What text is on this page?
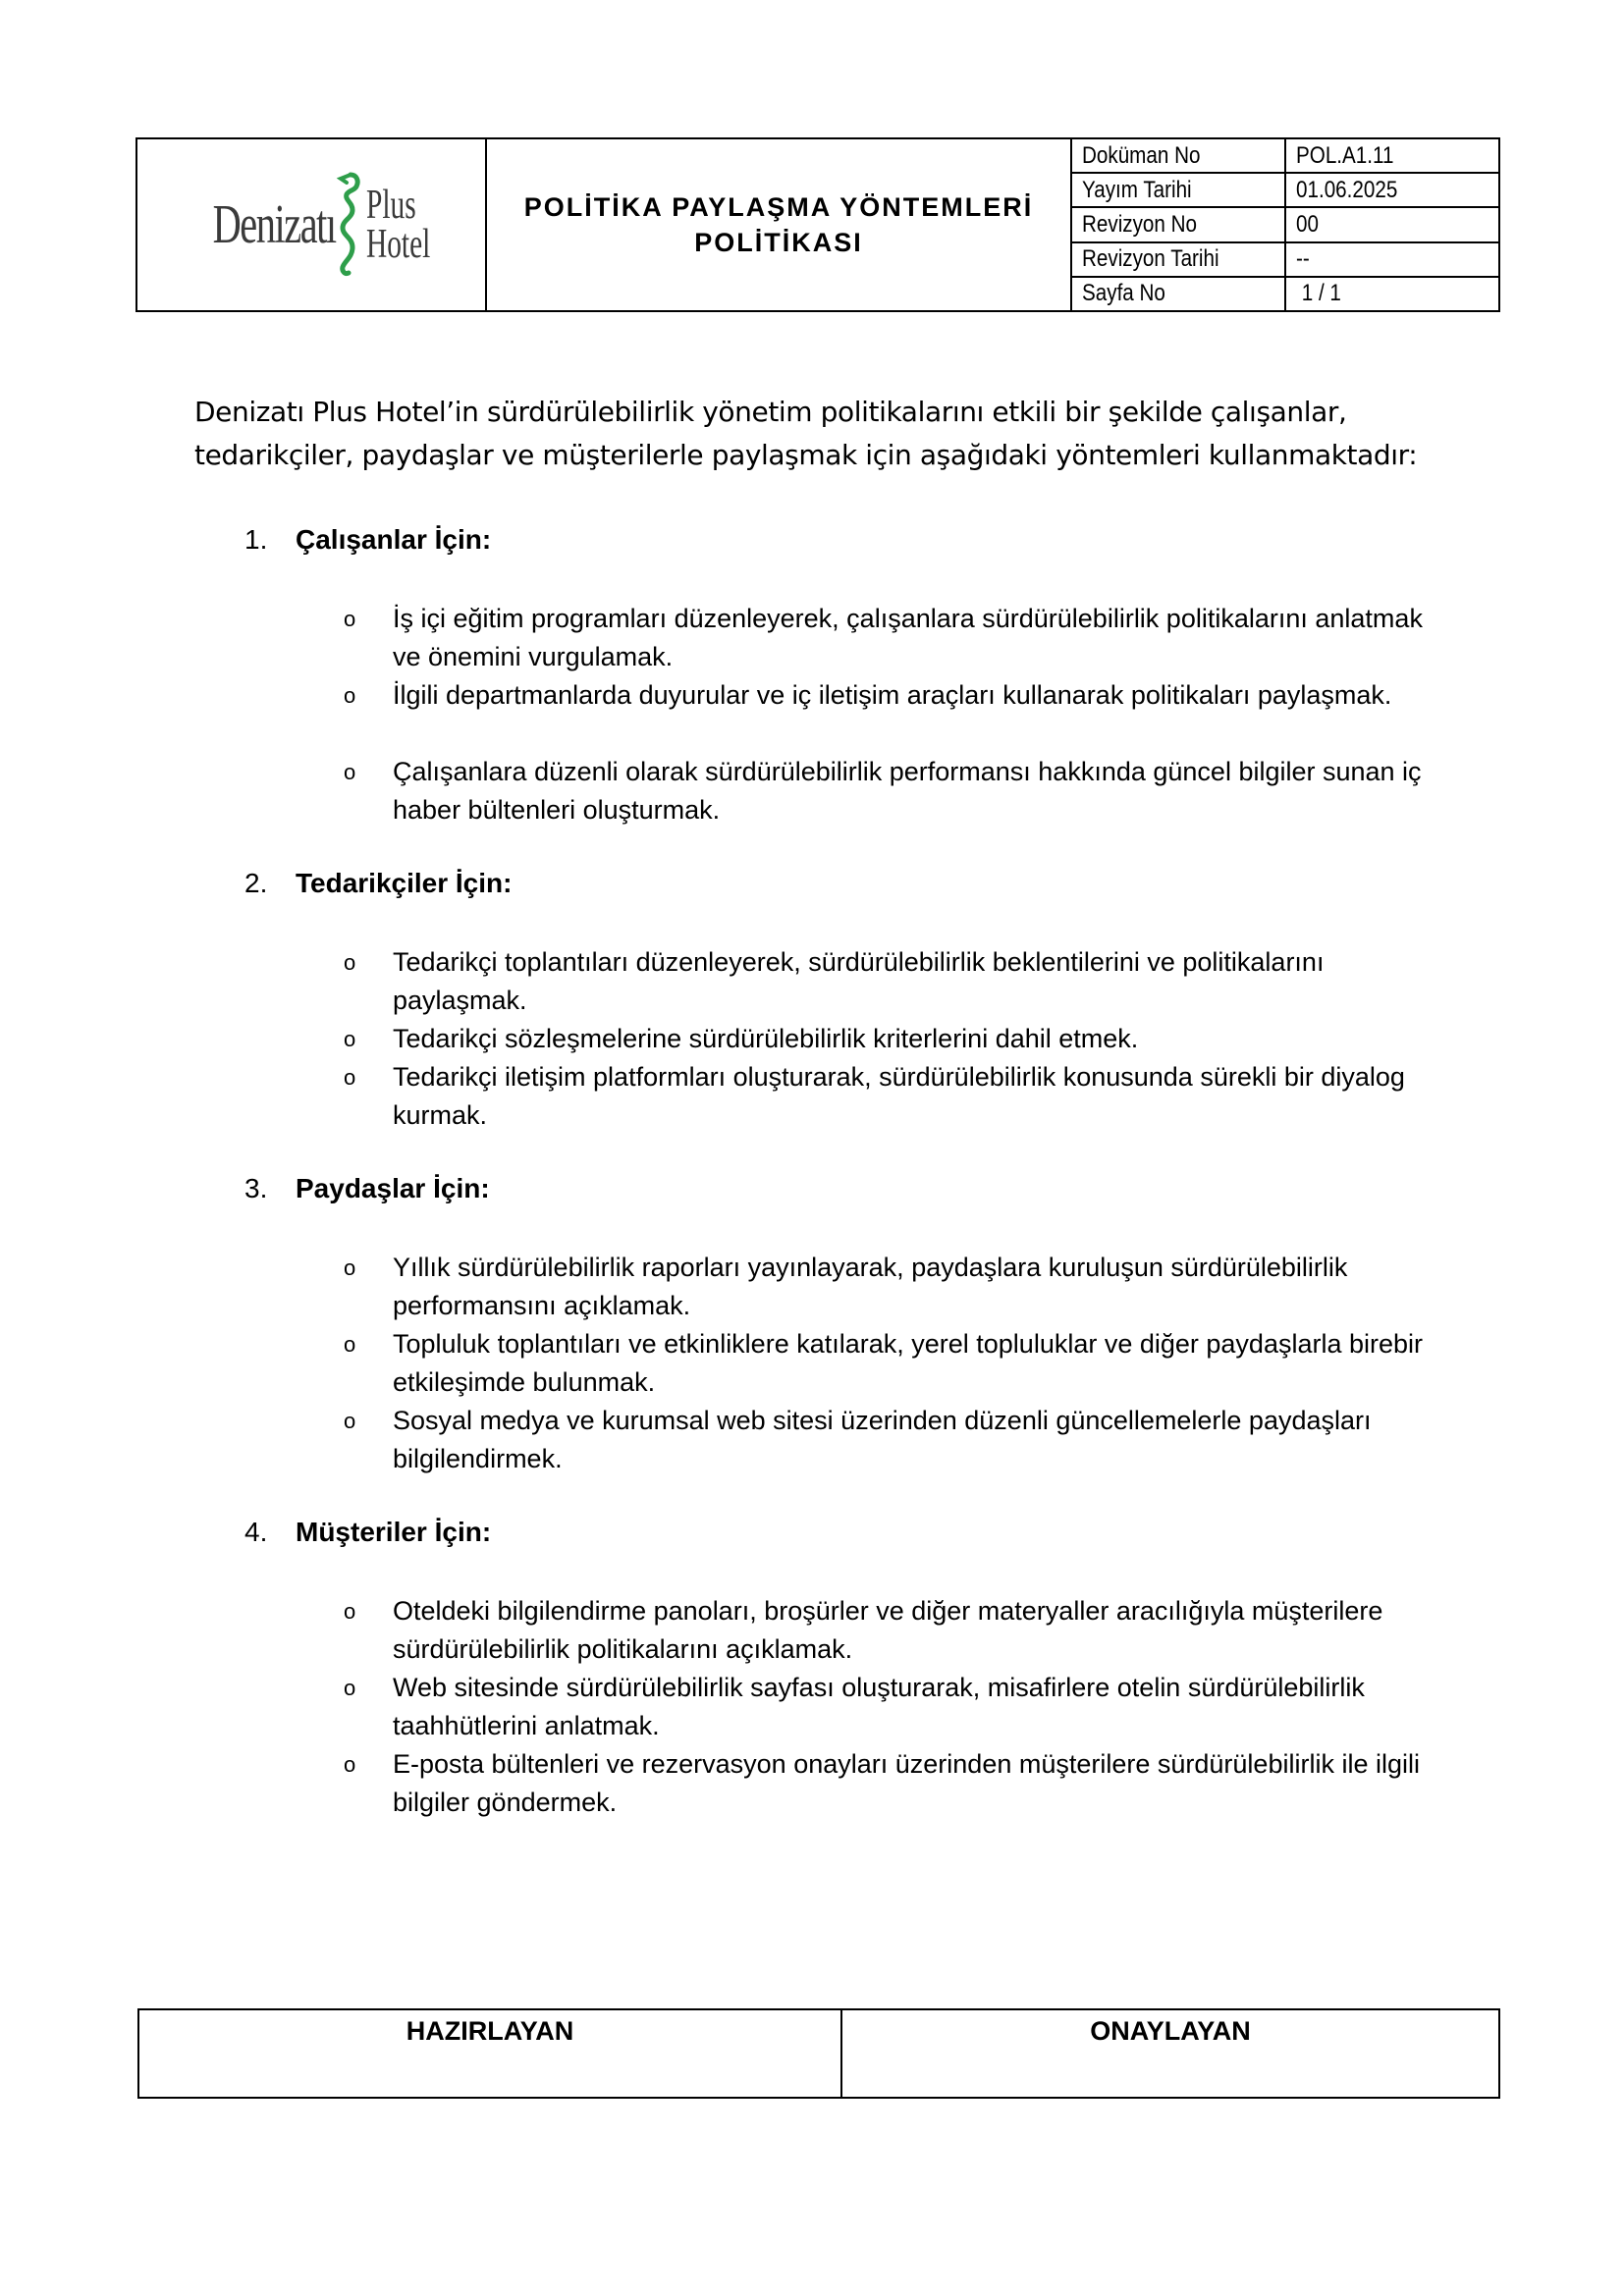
Denizatı Plus
Hotel
POLİTİKA PAYLAŞMA YÖNTEMLERİ
POLİTİKASI
Doküman No	POL.A1.11
Yayım Tarihi	01.06.2025
Revizyon No	00
Revizyon Tarihi	--
Sayfa No	1 / 1

Denizatı Plus Hotel’in sürdürülebilirlik yönetim politikalarını etkili bir şekilde çalışanlar, tedarikçiler, paydaşlar ve müşterilerle paylaşmak için aşağıdaki yöntemleri kullanmaktadır:

1.	Çalışanlar İçin:
o İş içi eğitim programları düzenleyerek, çalışanlara sürdürülebilirlik politikalarını anlatmak ve önemini vurgulamak.
o İlgili departmanlarda duyurular ve iç iletişim araçları kullanarak politikaları paylaşmak.
o Çalışanlara düzenli olarak sürdürülebilirlik performansı hakkında güncel bilgiler sunan iç haber bültenleri oluşturmak.
2.	Tedarikçiler İçin:
o Tedarikçi toplantıları düzenleyerek, sürdürülebilirlik beklentilerini ve politikalarını paylaşmak.
o Tedarikçi sözleşmelerine sürdürülebilirlik kriterlerini dahil etmek.
o Tedarikçi iletişim platformları oluşturarak, sürdürülebilirlik konusunda sürekli bir diyalog kurmak.
3.	Paydaşlar İçin:
o Yıllık sürdürülebilirlik raporları yayınlayarak, paydaşlara kuruluşun sürdürülebilirlik performansını açıklamak.
o Topluluk toplantıları ve etkinliklere katılarak, yerel topluluklar ve diğer paydaşlarla birebir etkileşimde bulunmak.
o Sosyal medya ve kurumsal web sitesi üzerinden düzenli güncellemelerle paydaşları bilgilendirmek.
4.	Müşteriler İçin:
o Oteldeki bilgilendirme panoları, broşürler ve diğer materyaller aracılığıyla müşterilere sürdürülebilirlik politikalarını açıklamak.
o Web sitesinde sürdürülebilirlik sayfası oluşturarak, misafirlere otelin sürdürülebilirlik taahhütlerini anlatmak.
o E-posta bültenleri ve rezervasyon onayları üzerinden müşterilere sürdürülebilirlik ile ilgili bilgiler göndermek.
HAZIRLAYAN	ONAYLAYAN
